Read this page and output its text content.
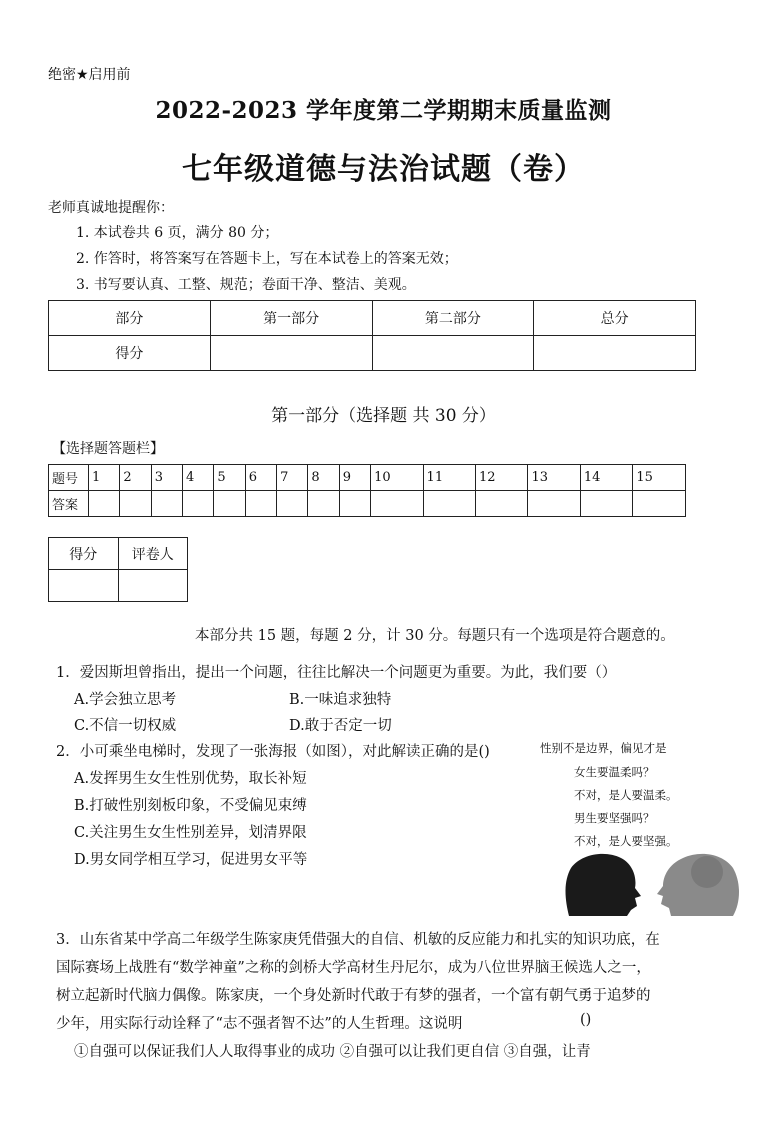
绝密★启用前
2022-2023 学年度第二学期期末质量监测
七年级道德与法治试题（卷）
老师真诚地提醒你：
1. 本试卷共 6 页，满分 80 分；
2. 作答时，将答案写在答题卡上，写在本试卷上的答案无效；
3. 书写要认真、工整、规范；卷面干净、整洁、美观。
部分	第一部分	第二部分	总分
得分			
第一部分（选择题 共 30 分）
【选择题答题栏】
题号	1	2	3	4	5	6	7	8	9	10	11	12	13	14	15
答案															
得分	评卷人

本部分共 15 题，每题 2 分，计 30 分。每题只有一个选项是符合题意的。
1．爱因斯坦曾指出，提出一个问题，往往比解决一个问题更为重要。为此，我们要（）
A.学会独立思考	B.一味追求独特
C.不信一切权威	D.敢于否定一切
2．小可乘坐电梯时，发现了一张海报（如图），对此解读正确的是()
A.发挥男生女生性别优势，取长补短
B.打破性别刻板印象，不受偏见束缚
C.关注男生女生性别差异，划清界限
D.男女同学相互学习，促进男女平等
性别不是边界，偏见才是
女生要温柔吗？
不对，是人要温柔。
男生要坚强吗？
不对，是人要坚强。
3．山东省某中学高二年级学生陈家庚凭借强大的自信、机敏的反应能力和扎实的知识功底，在
国际赛场上战胜有“数学神童”之称的剑桥大学高材生丹尼尔，成为八位世界脑王候选人之一，
树立起新时代脑力偶像。陈家庚，一个身处新时代敢于有梦的强者，一个富有朝气勇于追梦的
少年，用实际行动诠释了“志不强者智不达”的人生哲理。这说明	()
①自强可以保证我们人人取得事业的成功 ②自强可以让我们更自信 ③自强，让青
